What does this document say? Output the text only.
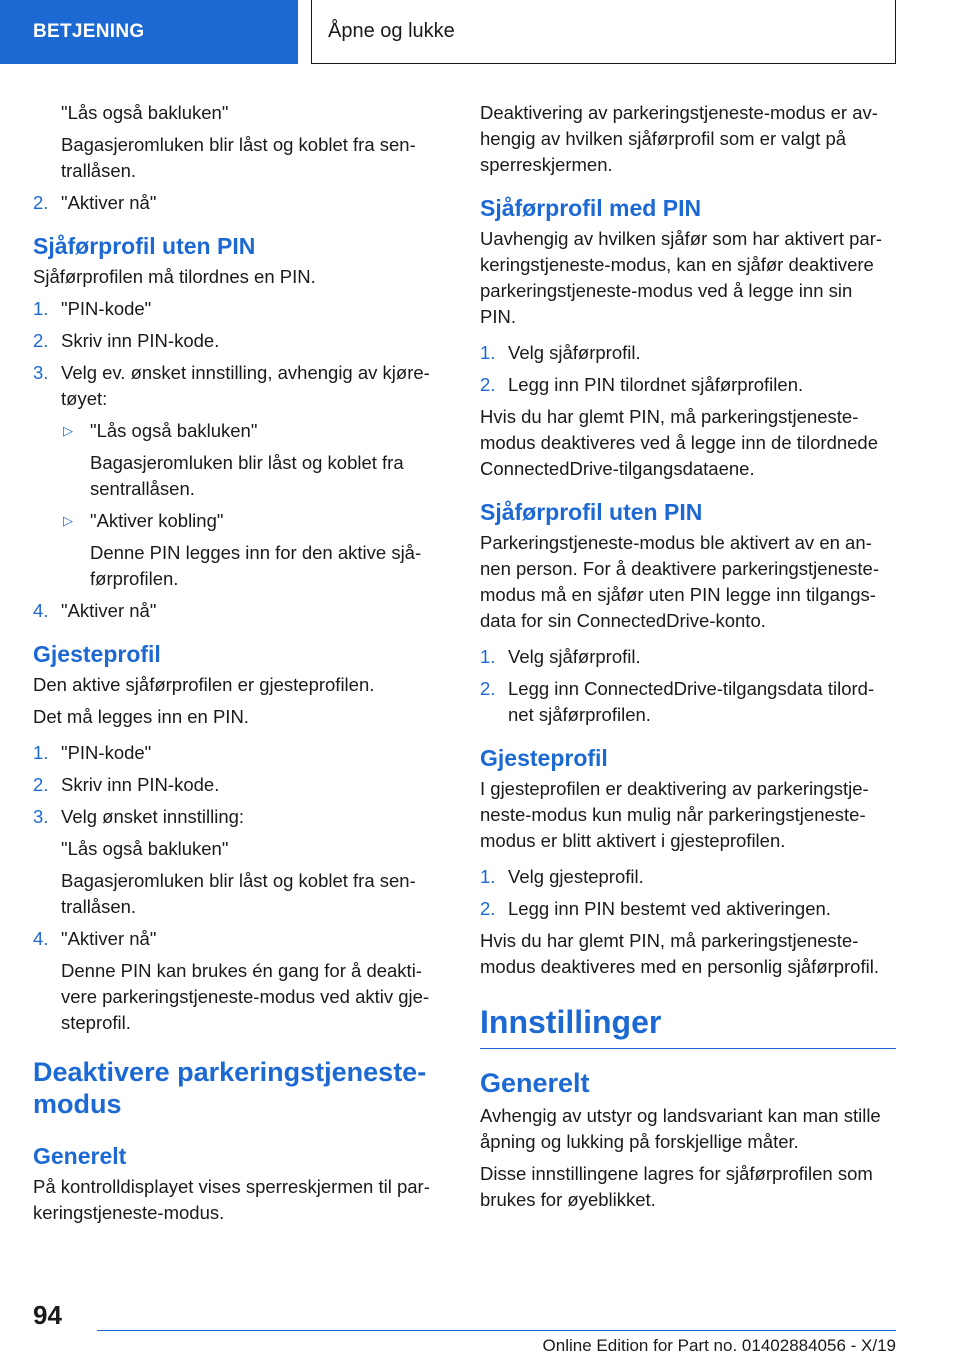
BETJENING	Åpne og lukke
"Lås også bakluken"
Bagasjeromluken blir låst og koblet fra sen-
trallåsen.
2. "Aktiver nå"
Sjåførprofil uten PIN
Sjåførprofilen må tilordnes en PIN.
1. "PIN-kode"
2. Skriv inn PIN-kode.
3. Velg ev. ønsket innstilling, avhengig av kjøre-
tøyet:
▷ "Lås også bakluken"
Bagasjeromluken blir låst og koblet fra
sentrallåsen.
▷ "Aktiver kobling"
Denne PIN legges inn for den aktive sjå-
førprofilen.
4. "Aktiver nå"
Gjesteprofil
Den aktive sjåførprofilen er gjesteprofilen.
Det må legges inn en PIN.
1. "PIN-kode"
2. Skriv inn PIN-kode.
3. Velg ønsket innstilling:
"Lås også bakluken"
Bagasjeromluken blir låst og koblet fra sen-
trallåsen.
4. "Aktiver nå"
Denne PIN kan brukes én gang for å deakti-
vere parkeringstjeneste-modus ved aktiv gje-
steprofil.
Deaktivere parkeringstjeneste-
modus
Generelt
På kontrolldisplayet vises sperreskjermen til par-
keringstjeneste-modus.
Deaktivering av parkeringstjeneste-modus er av-
hengig av hvilken sjåførprofil som er valgt på
sperreskjermen.
Sjåførprofil med PIN
Uavhengig av hvilken sjåfør som har aktivert par-
keringstjeneste-modus, kan en sjåfør deaktivere
parkeringstjeneste-modus ved å legge inn sin
PIN.
1. Velg sjåførprofil.
2. Legg inn PIN tilordnet sjåførprofilen.
Hvis du har glemt PIN, må parkeringstjeneste-
modus deaktiveres ved å legge inn de tilordnede
ConnectedDrive-tilgangsdataene.
Sjåførprofil uten PIN
Parkeringstjeneste-modus ble aktivert av en an-
nen person. For å deaktivere parkeringstjeneste-
modus må en sjåfør uten PIN legge inn tilgangs-
data for sin ConnectedDrive-konto.
1. Velg sjåførprofil.
2. Legg inn ConnectedDrive-tilgangsdata tilord-
net sjåførprofilen.
Gjesteprofil
I gjesteprofilen er deaktivering av parkeringstje-
neste-modus kun mulig når parkeringstjeneste-
modus er blitt aktivert i gjesteprofilen.
1. Velg gjesteprofil.
2. Legg inn PIN bestemt ved aktiveringen.
Hvis du har glemt PIN, må parkeringstjeneste-
modus deaktiveres med en personlig sjåførprofil.
Innstillinger
Generelt
Avhengig av utstyr og landsvariant kan man stille
åpning og lukking på forskjellige måter.
Disse innstillingene lagres for sjåførprofilen som
brukes for øyeblikket.
94
Online Edition for Part no. 01402884056 - X/19
